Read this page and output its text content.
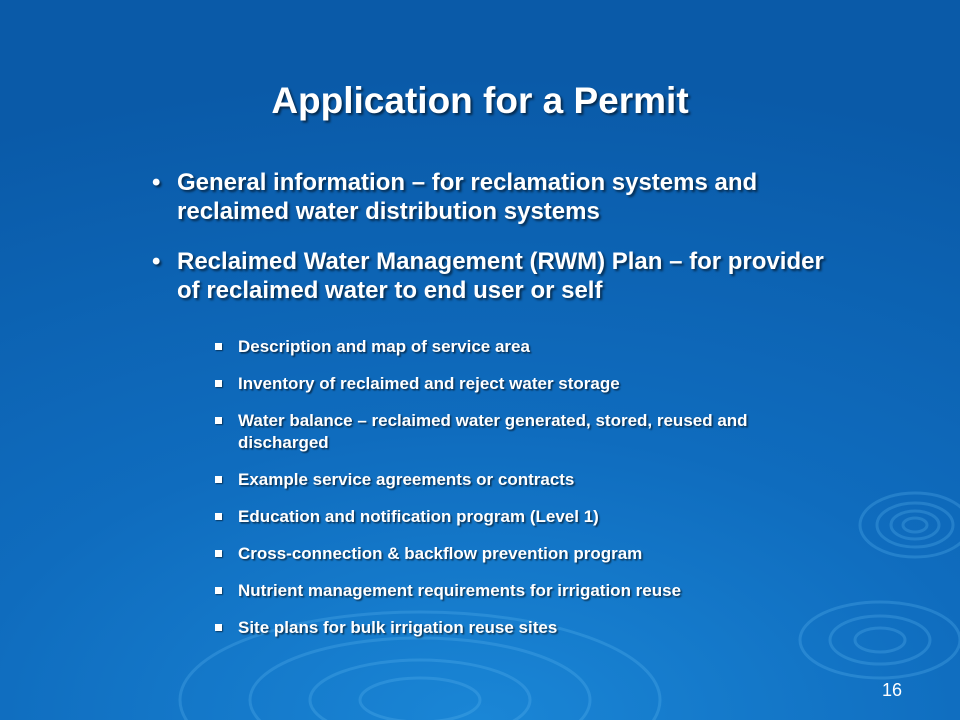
Application for a Permit
• General information – for reclamation systems and reclaimed water distribution systems
• Reclaimed Water Management (RWM) Plan – for provider of reclaimed water to end user or self
Description and map of service area
Inventory of reclaimed and reject water storage
Water balance – reclaimed water generated, stored, reused and discharged
Example service agreements or contracts
Education and notification program (Level 1)
Cross-connection & backflow prevention program
Nutrient management requirements for irrigation reuse
Site plans for bulk irrigation reuse sites
16
